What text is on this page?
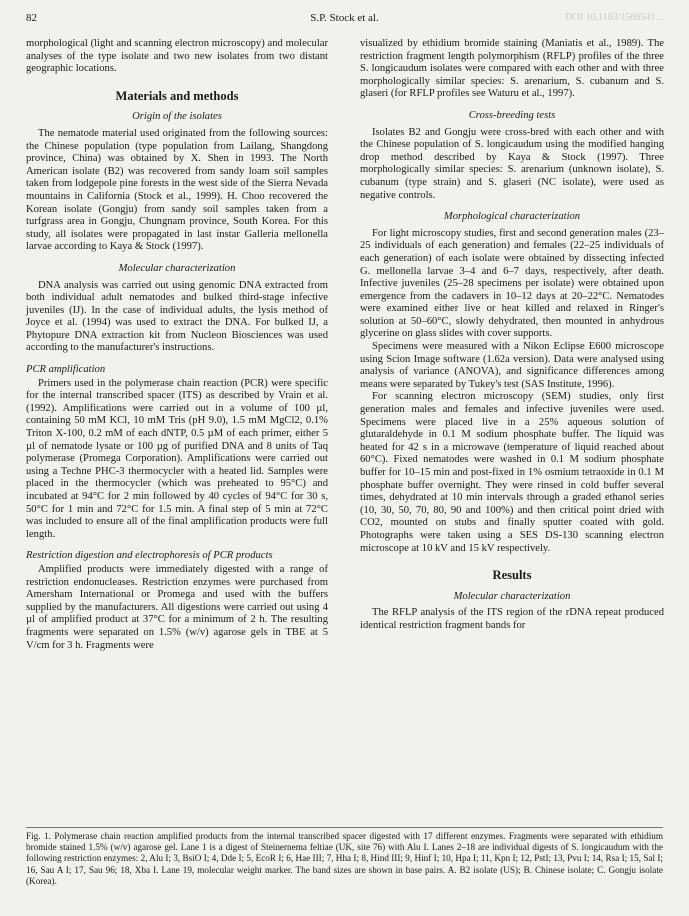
82	S.P. Stock et al.	DOI 10.1163/1568541...

morphological (light and scanning electron microscopy) and molecular analyses of the type isolate and two new isolates from two distant geographic locations.

Materials and methods
Origin of the isolates

The nematode material used originated from the following sources: the Chinese population (type population from Lailang, Shangdong province, China) was obtained by X. Shen in 1993. The North American isolate (B2) was recovered from sandy loam soil samples taken from lodgepole pine forests in the west side of the Sierra Nevada mountains in California (Stock et al., 1999). H. Choo recovered the Korean isolate (Gongju) from sandy soil samples taken from a turfgrass area in Gongju, Chungnam province, South Korea. For this study, all isolates were propagated in last instar Galleria mellonella larvae according to Kaya & Stock (1997).

Molecular characterization

DNA analysis was carried out using genomic DNA extracted from both individual adult nematodes and bulked third-stage infective juveniles (IJ). In the case of individual adults, the lysis method of Joyce et al. (1994) was used to extract the DNA. For bulked IJ, a Phytopure DNA extraction kit from Nucleon Biosciences was used according to the manufacturer's instructions.

PCR amplification

Primers used in the polymerase chain reaction (PCR) were specific for the internal transcribed spacer (ITS) as described by Vrain et al. (1992). Amplifications were carried out in a volume of 100 µl, containing 50 mM KCl, 10 mM Tris (pH 9.0), 1.5 mM MgCl2, 0.1% Triton X-100, 0.2 mM of each dNTP, 0.5 µM of each primer, either 5 µl of nematode lysate or 100 µg of purified DNA and 8 units of Taq polymerase (Promega Corporation). Amplifications were carried out using a Techne PHC-3 thermocycler with a heated lid. Samples were placed in the thermocycler (which was preheated to 95°C) and incubated at 94°C for 2 min followed by 40 cycles of 94°C for 30 s, 50°C for 1 min and 72°C for 1.5 min. A final step of 5 min at 72°C was included to ensure all of the final amplification products were full length.

Restriction digestion and electrophoresis of PCR products

Amplified products were immediately digested with a range of restriction endonucleases. Restriction enzymes were purchased from Amersham International or Promega and used with the buffers supplied by the manufacturers. All digestions were carried out using 4 µl of amplified product at 37°C for a minimum of 2 h. The resulting fragments were separated on 1.5% (w/v) agarose gels in TBE at 5 V/cm for 3 h. Fragments were

visualized by ethidium bromide staining (Maniatis et al., 1989). The restriction fragment length polymorphism (RFLP) profiles of the three S. longicaudum isolates were compared with each other and with three morphologically similar species: S. arenarium, S. cubanum and S. glaseri (for RFLP profiles see Waturu et al., 1997).

Cross-breeding tests

Isolates B2 and Gongju were cross-bred with each other and with the Chinese population of S. longicaudum using the modified hanging drop method described by Kaya & Stock (1997). Three morphologically similar species: S. arenarium (unknown isolate), S. cubanum (type strain) and S. glaseri (NC isolate), were used as negative controls.

Morphological characterization

For light microscopy studies, first and second generation males (23–25 individuals of each generation) and females (22–25 individuals of each generation) of each isolate were obtained by dissecting infected G. mellonella larvae 3–4 and 6–7 days, respectively, after death. Infective juveniles (25–28 specimens per isolate) were obtained upon emergence from the cadavers in 10–12 days at 20–22°C. Nematodes were examined either live or heat killed and relaxed in Ringer's solution at 50–60°C, slowly dehydrated, then mounted in anhydrous glycerine on glass slides with cover supports.

Specimens were measured with a Nikon Eclipse E600 microscope using Scion Image software (1.62a version). Data were analysed using analysis of variance (ANOVA), and significance differences among means were separated by Tukey's test (SAS Institute, 1996).

For scanning electron microscopy (SEM) studies, only first generation males and females and infective juveniles were used. Specimens were placed live in a 25% aqueous solution of glutaraldehyde in 0.1 M sodium phosphate buffer. The liquid was heated for 42 s in a microwave (temperature of liquid reached about 60°C). Fixed nematodes were washed in 0.1 M sodium phosphate buffer for 10–15 min and post-fixed in 1% osmium tetraoxide in 0.1 M phosphate buffer overnight. They were rinsed in cold buffer several times, dehydrated at 10 min intervals through a graded ethanol series (10, 30, 50, 70, 80, 90 and 100%) and then critical point dried with CO2, mounted on stubs and finally sputter coated with gold. Photographs were taken using a SES DS-130 scanning electron microscope at 10 kV and 15 kV respectively.

Results
Molecular characterization

The RFLP analysis of the ITS region of the rDNA repeat produced identical restriction fragment bands for

Fig. 1. Polymerase chain reaction amplified products from the internal transcribed spacer digested with 17 different enzymes. Fragments were separated with ethidium bromide stained 1.5% (w/v) agarose gel. Lane 1 is a digest of Steinernema feltiae (UK, site 76) with Alu I. Lanes 2–18 are individual digests of S. longicaudum with the following restriction enzymes: 2, Alu I; 3, BsiO I; 4, Dde I; 5, EcoR I; 6, Hae III; 7, Hha I; 8, Hind III; 9, Hinf I; 10, Hpa I; 11, Kpn I; 12, PstI; 13, Pvu I; 14, Rsa I; 15, Sal I; 16, Sau A I; 17, Sau 96; 18, Xba I. Lane 19, molecular weight marker. The band sizes are shown in base pairs. A. B2 isolate (US); B. Chinese isolate; C. Gongju isolate (Korea).
